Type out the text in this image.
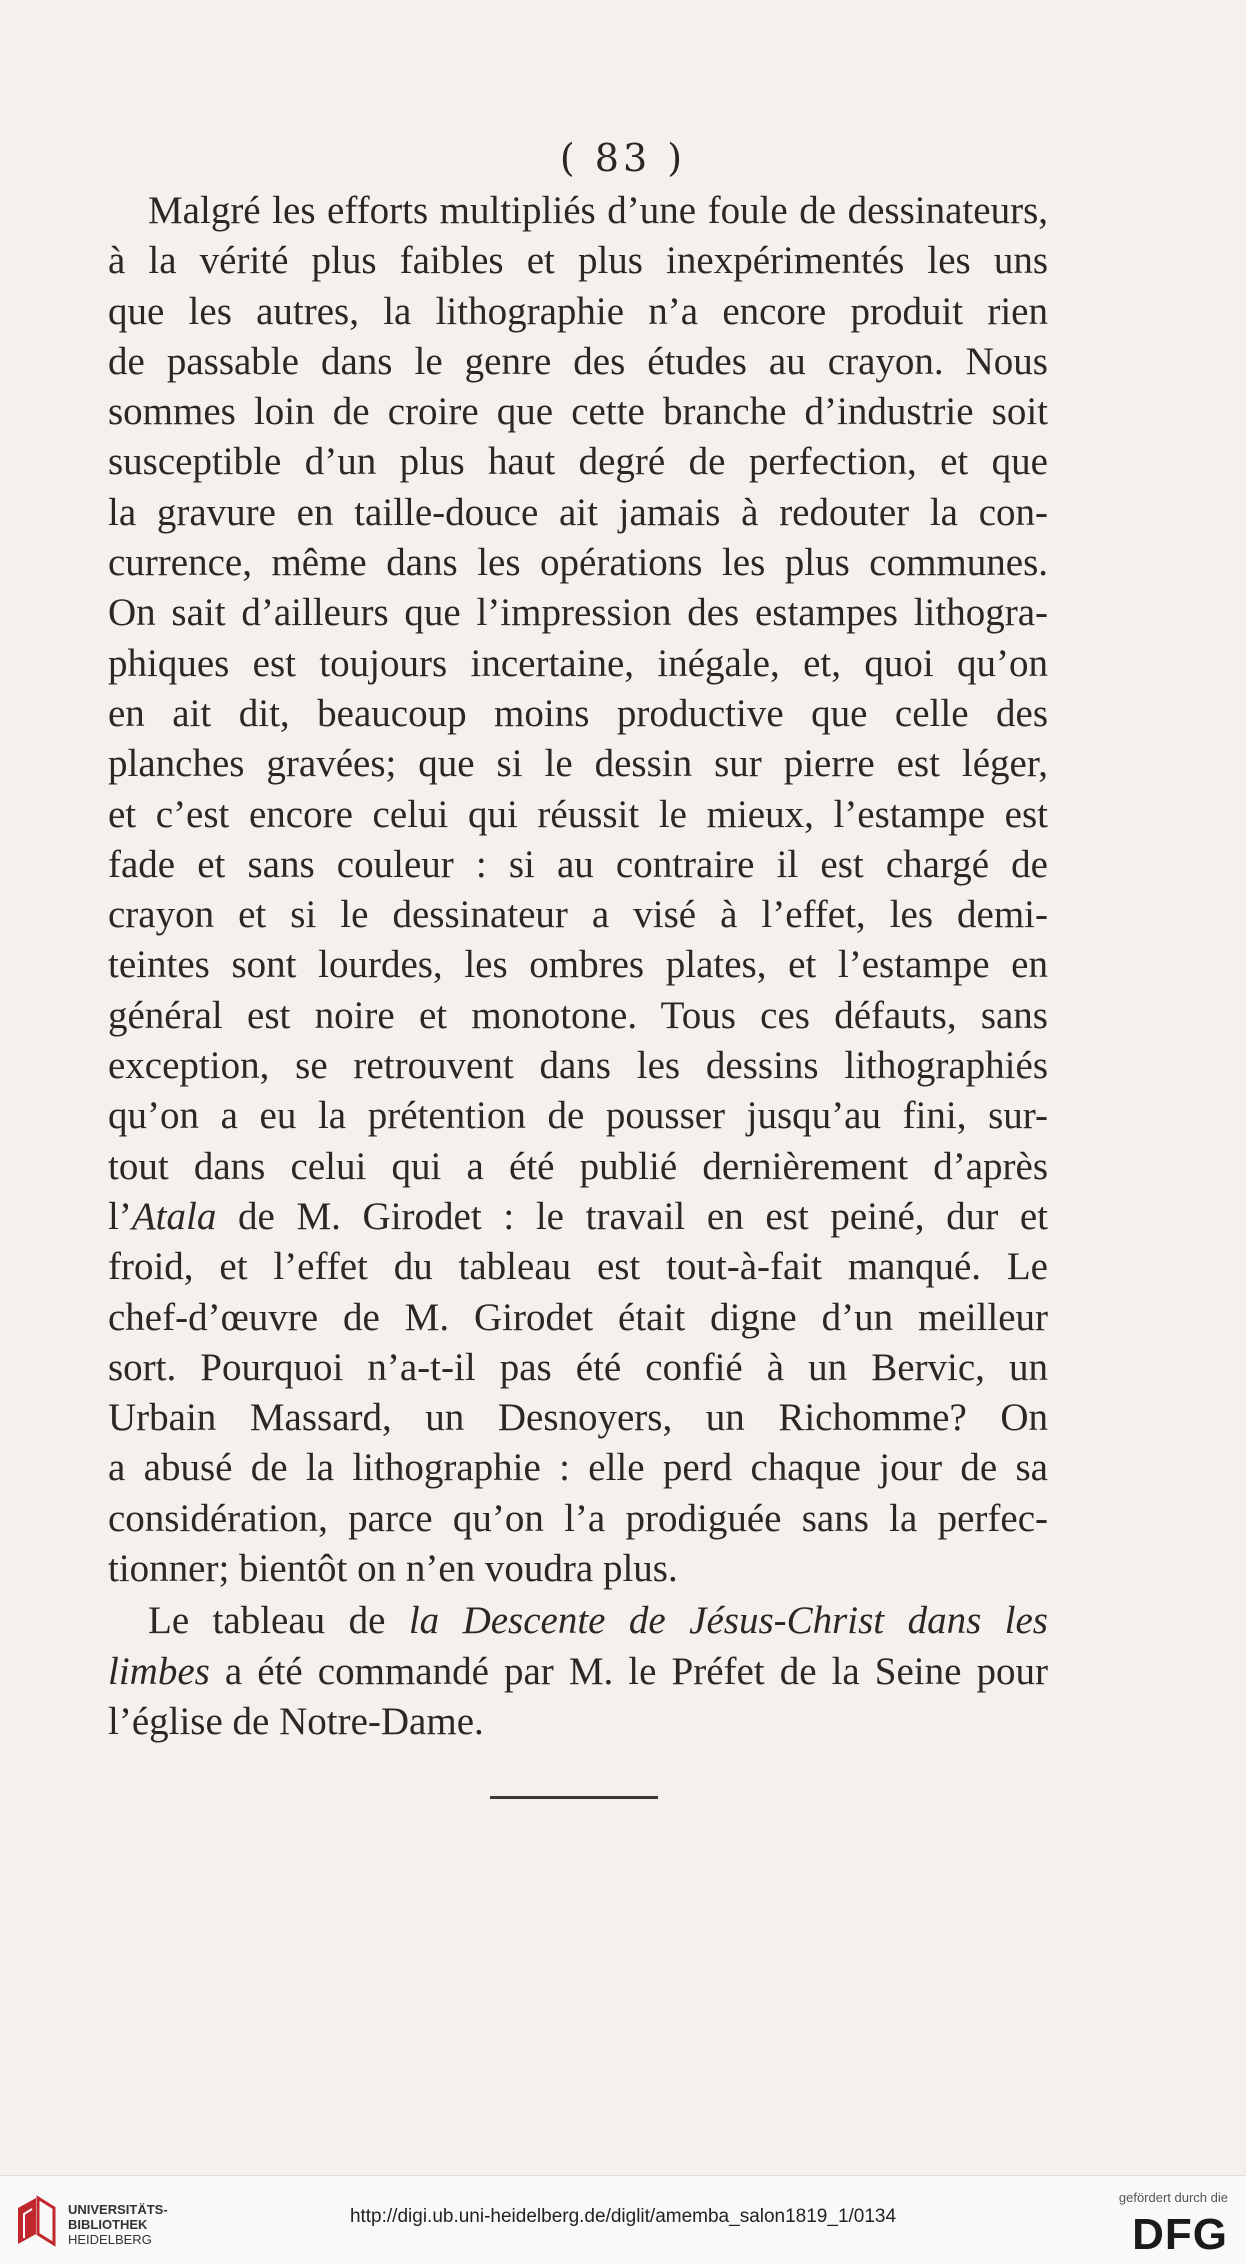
( 83 )
Malgré les efforts multipliés d’une foule de dessinateurs,
à la vérité plus faibles et plus inexpérimentés les uns
que les autres, la lithographie n’a encore produit rien
de passable dans le genre des études au crayon. Nous
sommes loin de croire que cette branche d’industrie soit
susceptible d’un plus haut degré de perfection, et que
la gravure en taille-douce ait jamais à redouter la con-
currence, même dans les opérations les plus communes.
On sait d’ailleurs que l’impression des estampes lithogra-
phiques est toujours incertaine, inégale, et, quoi qu’on
en ait dit, beaucoup moins productive que celle des
planches gravées; que si le dessin sur pierre est léger,
et c’est encore celui qui réussit le mieux, l’estampe est
fade et sans couleur : si au contraire il est chargé de
crayon et si le dessinateur a visé à l’effet, les demi-
teintes sont lourdes, les ombres plates, et l’estampe en
général est noire et monotone. Tous ces défauts, sans
exception, se retrouvent dans les dessins lithographiés
qu’on a eu la prétention de pousser jusqu’au fini, sur-
tout dans celui qui a été publié dernièrement d’après
l’Atala de M. Girodet : le travail en est peiné, dur et
froid, et l’effet du tableau est tout-à-fait manqué. Le
chef-d’œuvre de M. Girodet était digne d’un meilleur
sort. Pourquoi n’a-t-il pas été confié à un Bervic, un
Urbain Massard, un Desnoyers, un Richomme? On
a abusé de la lithographie : elle perd chaque jour de sa
considération, parce qu’on l’a prodiguée sans la perfec-
tionner; bientôt on n’en voudra plus.
Le tableau de la Descente de Jésus-Christ dans les
limbes a été commandé par M. le Préfet de la Seine pour
l’église de Notre-Dame.
UNIVERSITÄTS-
BIBLIOTHEK
HEIDELBERG
http://digi.ub.uni-heidelberg.de/diglit/amemba_salon1819_1/0134
gefördert durch die
DFG
